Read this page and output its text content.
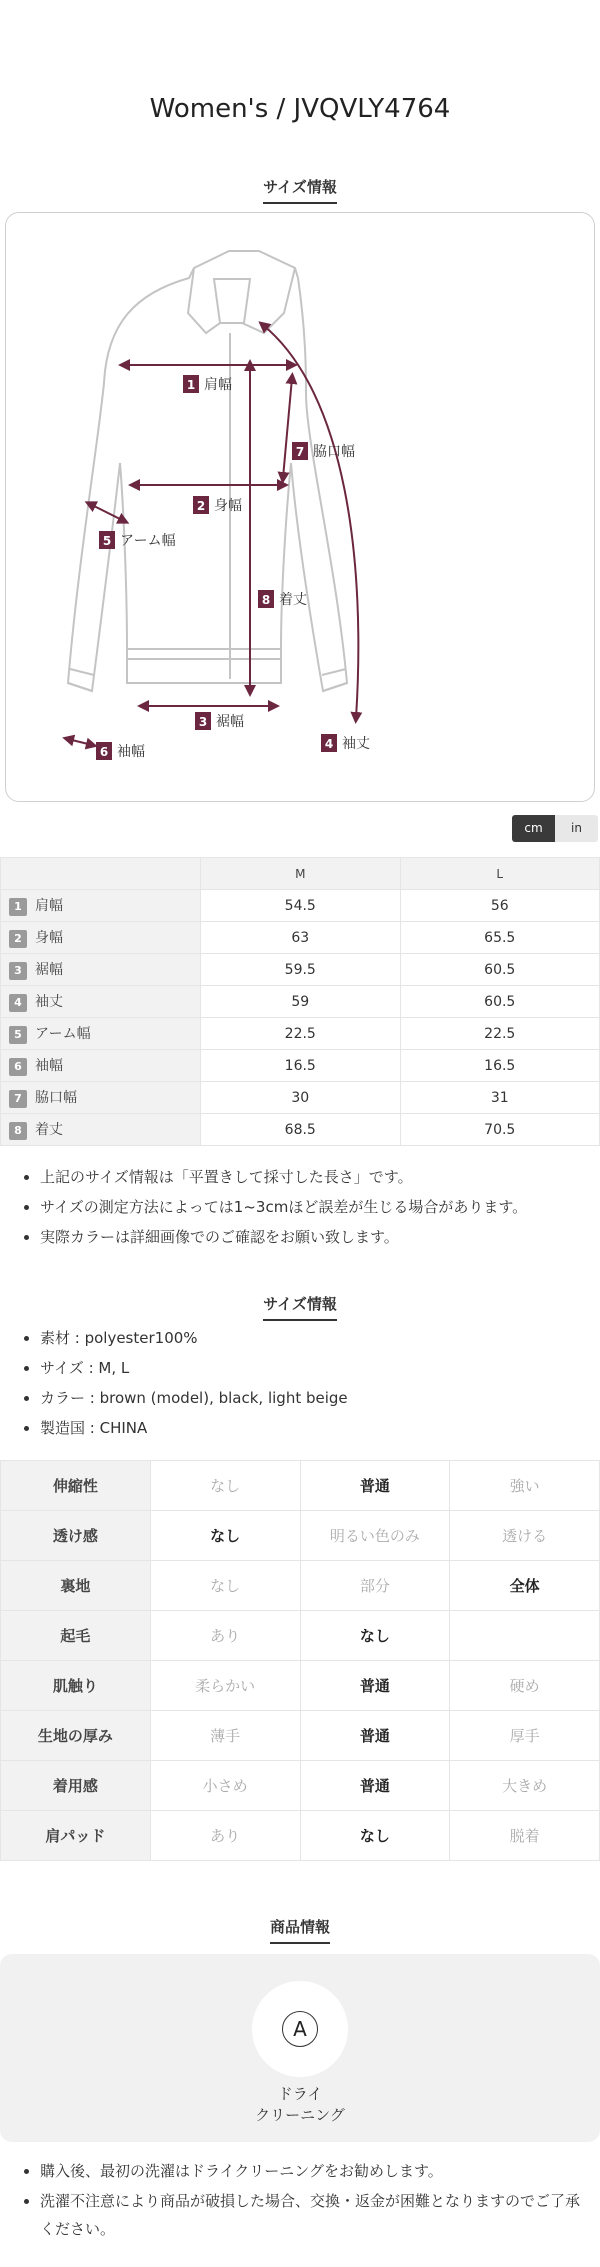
Women's / JVQVLY4764
サイズ情報
1 肩幅
2 身幅
3 裾幅
4 袖丈
5 アーム幅
6 袖幅
7 脇口幅
8 着丈
cm	in
	M	L
1 肩幅	54.5	56
2 身幅	63	65.5
3 裾幅	59.5	60.5
4 袖丈	59	60.5
5 アーム幅	22.5	22.5
6 袖幅	16.5	16.5
7 脇口幅	30	31
8 着丈	68.5	70.5
• 上記のサイズ情報は「平置きして採寸した長さ」です。
• サイズの測定方法によっては1~3cmほど誤差が生じる場合があります。
• 実際カラーは詳細画像でのご確認をお願い致します。
サイズ情報
• 素材 : polyester100%
• サイズ : M, L
• カラー : brown (model), black, light beige
• 製造国 : CHINA
伸縮性	なし	普通	強い
透け感	なし	明るい色のみ	透ける
裏地	なし	部分	全体
起毛	あり	なし	
肌触り	柔らかい	普通	硬め
生地の厚み	薄手	普通	厚手
着用感	小さめ	普通	大きめ
肩パッド	あり	なし	脱着
商品情報
A
ドライ
クリーニング
• 購入後、最初の洗濯はドライクリーニングをお勧めします。
• 洗濯不注意により商品が破損した場合、交換・返金が困難となりますのでご了承ください。
